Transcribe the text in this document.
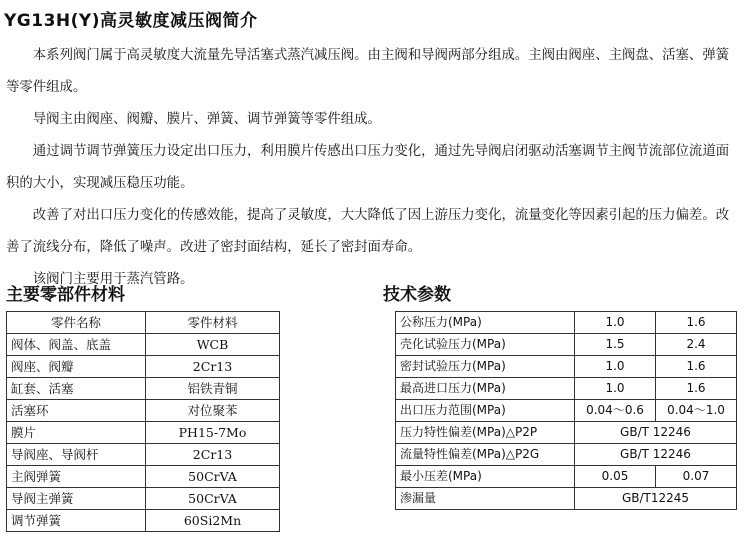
YG13H(Y)高灵敏度减压阀简介

本系列阀门属于高灵敏度大流量先导活塞式蒸汽减压阀。由主阀和导阀两部分组成。主阀由阀座、主阀盘、活塞、弹簧等零件组成。

导阀主由阀座、阀瓣、膜片、弹簧、调节弹簧等零件组成。

通过调节调节弹簧压力设定出口压力，利用膜片传感出口压力变化，通过先导阀启闭驱动活塞调节主阀节流部位流道面积的大小，实现减压稳压功能。

改善了对出口压力变化的传感效能，提高了灵敏度，大大降低了因上游压力变化，流量变化等因素引起的压力偏差。改善了流线分布，降低了噪声。改进了密封面结构，延长了密封面寿命。

该阀门主要用于蒸汽管路。

主要零部件材料	技术参数
零件名称	零件材料
阀体、阀盖、底盖	WCB
阀座、阀瓣	2Cr13
缸套、活塞	铝铁青铜
活塞环	对位聚苯
膜片	PH15-7Mo
导阀座、导阀杆	2Cr13
主阀弹簧	50CrVA
导阀主弹簧	50CrVA
调节弹簧	60Si2Mn
公称压力(MPa)	1.0	1.6
壳化试验压力(MPa)	1.5	2.4
密封试验压力(MPa)	1.0	1.6
最高进口压力(MPa)	1.0	1.6
出口压力范围(MPa)	0.04～0.6	0.04～1.0
压力特性偏差(MPa)△P2P	GB/T 12246	
流量特性偏差(MPa)△P2G	GB/T 12246	
最小压差(MPa)	0.05	0.07
渗漏量	GB/T12245	
